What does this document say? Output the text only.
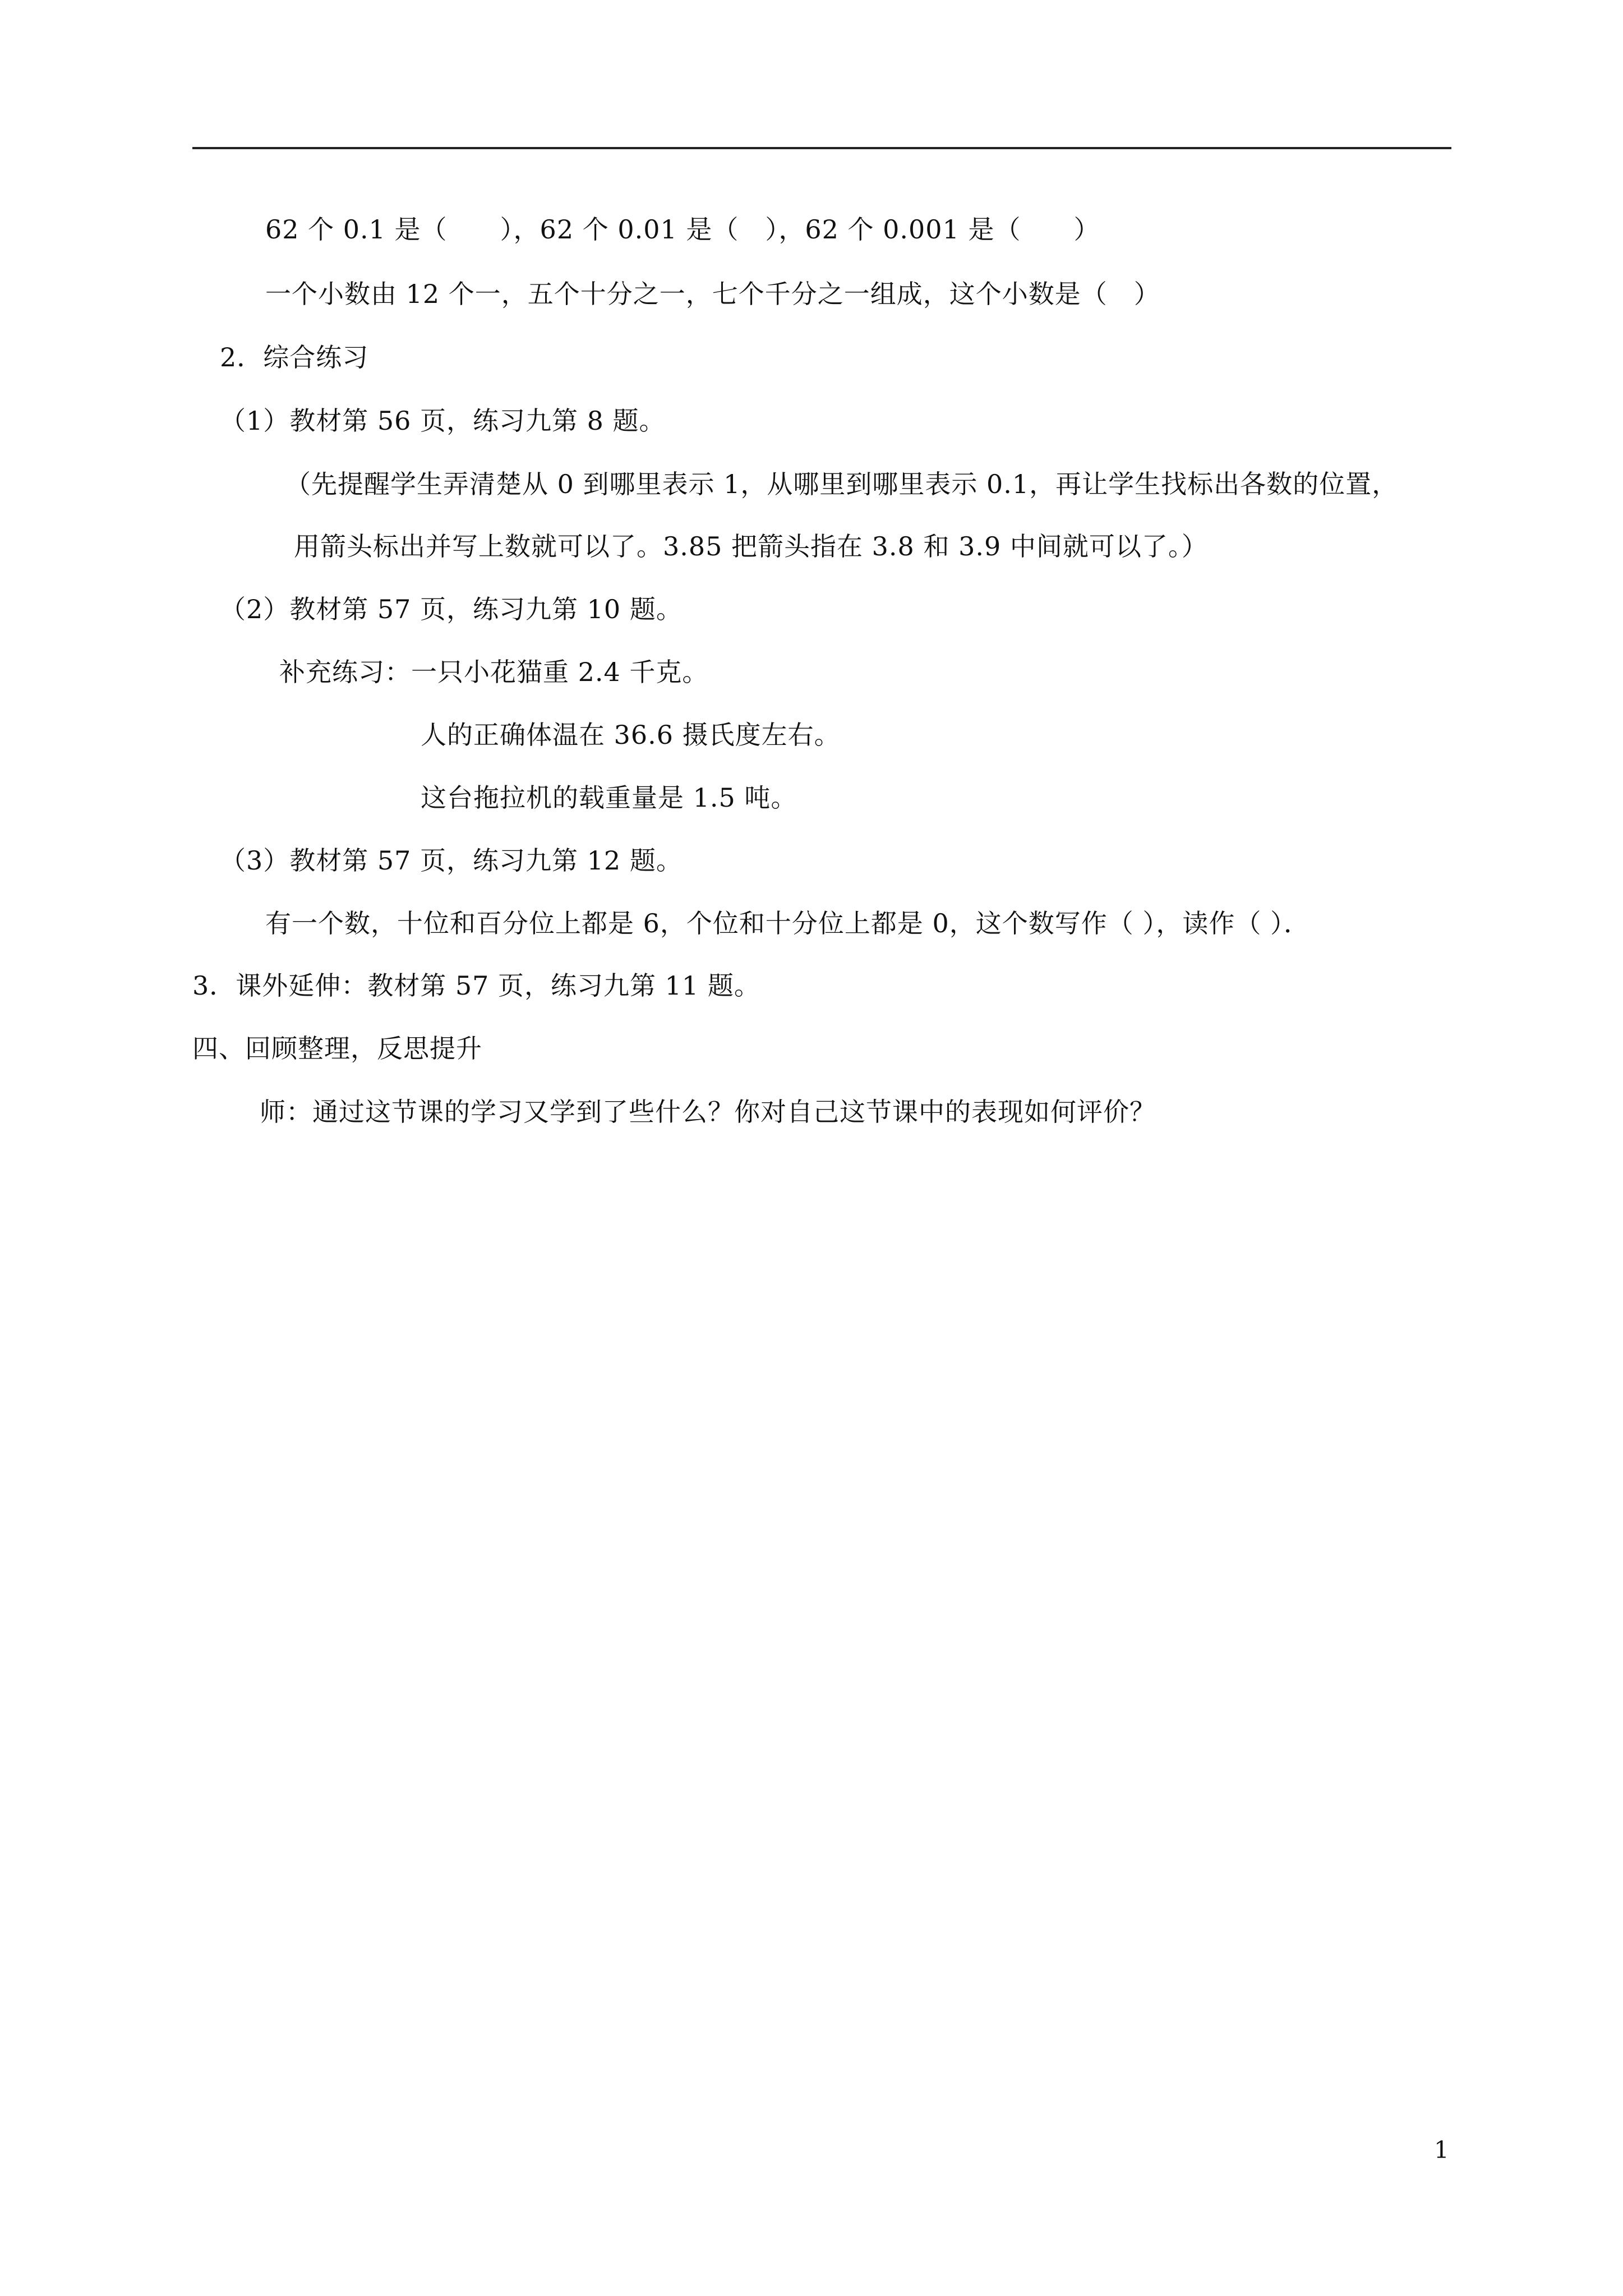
62 个 0.1 是（　　），62 个 0.01 是（　），62 个 0.001 是（　　）
一个小数由 12 个一，五个十分之一，七个千分之一组成，这个小数是（　）
2．综合练习
（1）教材第 56 页，练习九第 8 题。
（先提醒学生弄清楚从 0 到哪里表示 1，从哪里到哪里表示 0.1，再让学生找标出各数的位置，
用箭头标出并写上数就可以了。3.85 把箭头指在 3.8 和 3.9 中间就可以了。）
（2）教材第 57 页，练习九第 10 题。
补充练习：一只小花猫重 2.4 千克。
人的正确体温在 36.6 摄氏度左右。
这台拖拉机的载重量是 1.5 吨。
（3）教材第 57 页，练习九第 12 题。
有一个数，十位和百分位上都是 6，个位和十分位上都是 0，这个数写作（ ），读作（ ）．
3．课外延伸：教材第 57 页，练习九第 11 题。
四、回顾整理，反思提升
师：通过这节课的学习又学到了些什么？你对自己这节课中的表现如何评价？
1
